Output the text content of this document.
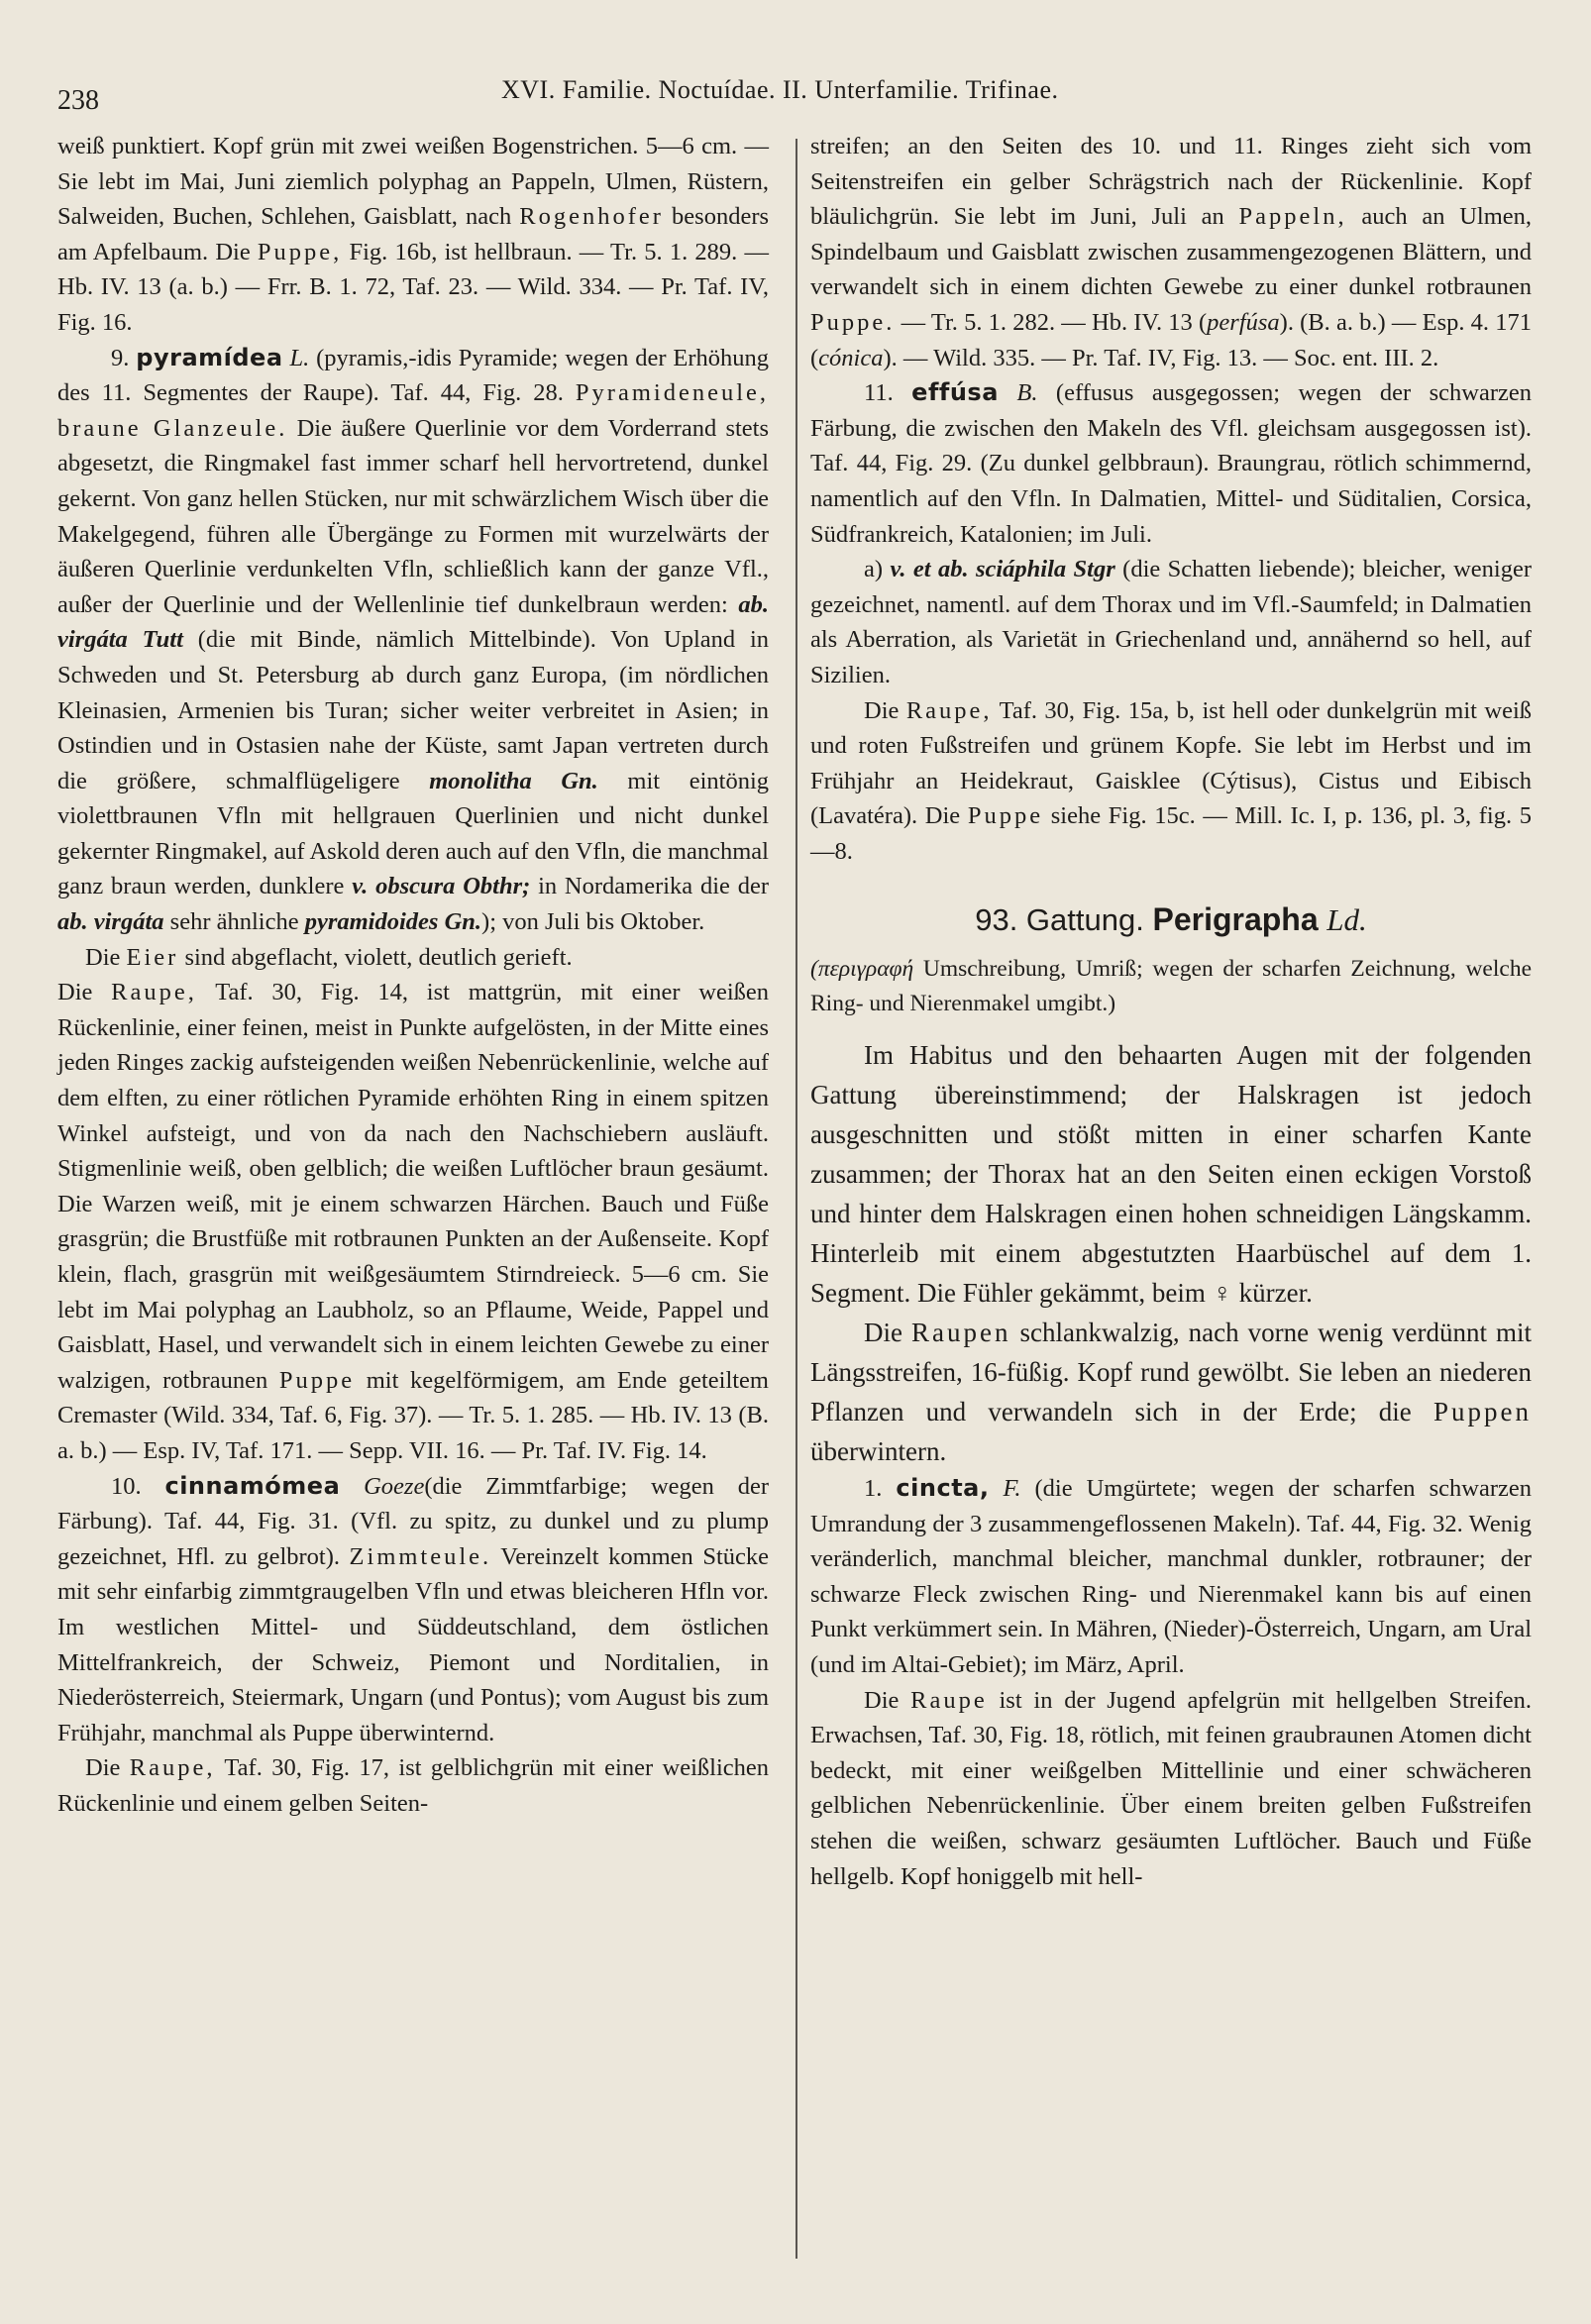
238	XVI. Familie. Noctuídae. II. Unterfamilie. Trifinae.

weiß punktiert. Kopf grün mit zwei weißen Bogenstrichen. 5—6 cm. — Sie lebt im Mai, Juni ziemlich polyphag an Pappeln, Ulmen, Rüstern, Salweiden, Buchen, Schlehen, Gaisblatt, nach Rogenhofer besonders am Apfelbaum. Die Puppe, Fig. 16b, ist hellbraun. — Tr. 5. 1. 289. — Hb. IV. 13 (a. b.) — Frr. B. 1. 72, Taf. 23. — Wild. 334. — Pr. Taf. IV, Fig. 16.

9. pyramídea L. (pyramis,-idis Pyramide; wegen der Erhöhung des 11. Segmentes der Raupe). Taf. 44, Fig. 28. Pyramideneule, braune Glanzeule. Die äußere Querlinie vor dem Vorderrand stets abgesetzt, die Ringmakel fast immer scharf hell hervortretend, dunkel gekernt. Von ganz hellen Stücken, nur mit schwärzlichem Wisch über die Makelgegend, führen alle Übergänge zu Formen mit wurzelwärts der äußeren Querlinie verdunkelten Vfln, schließlich kann der ganze Vfl., außer der Querlinie und der Wellenlinie tief dunkelbraun werden: ab. virgáta Tutt (die mit Binde, nämlich Mittelbinde). Von Upland in Schweden und St. Petersburg ab durch ganz Europa, (im nördlichen Kleinasien, Armenien bis Turan; sicher weiter verbreitet in Asien; in Ostindien und in Ostasien nahe der Küste, samt Japan vertreten durch die größere, schmalflügeligere monolitha Gn. mit eintönig violettbraunen Vfln mit hellgrauen Querlinien und nicht dunkel gekernter Ringmakel, auf Askold deren auch auf den Vfln, die manchmal ganz braun werden, dunklere v. obscura Obthr; in Nordamerika die der ab. virgáta sehr ähnliche pyramidoides Gn.); von Juli bis Oktober.

Die Eier sind abgeflacht, violett, deutlich gerieft.

Die Raupe, Taf. 30, Fig. 14, ist mattgrün, mit einer weißen Rückenlinie, einer feinen, meist in Punkte aufgelösten, in der Mitte eines jeden Ringes zackig aufsteigenden weißen Nebenrückenlinie, welche auf dem elften, zu einer rötlichen Pyramide erhöhten Ring in einem spitzen Winkel aufsteigt, und von da nach den Nachschiebern ausläuft. Stigmenlinie weiß, oben gelblich; die weißen Luftlöcher braun gesäumt. Die Warzen weiß, mit je einem schwarzen Härchen. Bauch und Füße grasgrün; die Brustfüße mit rotbraunen Punkten an der Außenseite. Kopf klein, flach, grasgrün mit weißgesäumtem Stirndreieck. 5—6 cm. Sie lebt im Mai polyphag an Laubholz, so an Pflaume, Weide, Pappel und Gaisblatt, Hasel, und verwandelt sich in einem leichten Gewebe zu einer walzigen, rotbraunen Puppe mit kegelförmigem, am Ende geteiltem Cremaster (Wild. 334, Taf. 6, Fig. 37). — Tr. 5. 1. 285. — Hb. IV. 13 (B. a. b.) — Esp. IV, Taf. 171. — Sepp. VII. 16. — Pr. Taf. IV. Fig. 14.

10. cinnamómea Goeze(die Zimmtfarbige; wegen der Färbung). Taf. 44, Fig. 31. (Vfl. zu spitz, zu dunkel und zu plump gezeichnet, Hfl. zu gelbrot). Zimmteule. Vereinzelt kommen Stücke mit sehr einfarbig zimmtgraugelben Vfln und etwas bleicheren Hfln vor. Im westlichen Mittel- und Süddeutschland, dem östlichen Mittelfrankreich, der Schweiz, Piemont und Norditalien, in Niederösterreich, Steiermark, Ungarn (und Pontus); vom August bis zum Frühjahr, manchmal als Puppe überwinternd.

Die Raupe, Taf. 30, Fig. 17, ist gelblichgrün mit einer weißlichen Rückenlinie und einem gelben Seiten-

streifen; an den Seiten des 10. und 11. Ringes zieht sich vom Seitenstreifen ein gelber Schrägstrich nach der Rückenlinie. Kopf bläulichgrün. Sie lebt im Juni, Juli an Pappeln, auch an Ulmen, Spindelbaum und Gaisblatt zwischen zusammengezogenen Blättern, und verwandelt sich in einem dichten Gewebe zu einer dunkel rotbraunen Puppe. — Tr. 5. 1. 282. — Hb. IV. 13 (perfúsa). (B. a. b.) — Esp. 4. 171 (cónica). — Wild. 335. — Pr. Taf. IV, Fig. 13. — Soc. ent. III. 2.

11. effúsa B. (effusus ausgegossen; wegen der schwarzen Färbung, die zwischen den Makeln des Vfl. gleichsam ausgegossen ist). Taf. 44, Fig. 29. (Zu dunkel gelbbraun). Braungrau, rötlich schimmernd, namentlich auf den Vfln. In Dalmatien, Mittel- und Süditalien, Corsica, Südfrankreich, Katalonien; im Juli.

a) v. et ab. sciáphila Stgr (die Schatten liebende); bleicher, weniger gezeichnet, namentl. auf dem Thorax und im Vfl.-Saumfeld; in Dalmatien als Aberration, als Varietät in Griechenland und, annähernd so hell, auf Sizilien.

Die Raupe, Taf. 30, Fig. 15a, b, ist hell oder dunkelgrün mit weiß und roten Fußstreifen und grünem Kopfe. Sie lebt im Herbst und im Frühjahr an Heidekraut, Gaisklee (Cýtisus), Cistus und Eibisch (Lavatéra). Die Puppe siehe Fig. 15c. — Mill. Ic. I, p. 136, pl. 3, fig. 5—8.

93. Gattung. Perigrapha Ld.

(περιγραφή Umschreibung, Umriß; wegen der scharfen Zeichnung, welche Ring- und Nierenmakel umgibt.)

Im Habitus und den behaarten Augen mit der folgenden Gattung übereinstimmend; der Halskragen ist jedoch ausgeschnitten und stößt mitten in einer scharfen Kante zusammen; der Thorax hat an den Seiten einen eckigen Vorstoß und hinter dem Halskragen einen hohen schneidigen Längskamm. Hinterleib mit einem abgestutzten Haarbüschel auf dem 1. Segment. Die Fühler gekämmt, beim ♀ kürzer.

Die Raupen schlankwalzig, nach vorne wenig verdünnt mit Längsstreifen, 16-füßig. Kopf rund gewölbt. Sie leben an niederen Pflanzen und verwandeln sich in der Erde; die Puppen überwintern.

1. cincta, F. (die Umgürtete; wegen der scharfen schwarzen Umrandung der 3 zusammengeflossenen Makeln). Taf. 44, Fig. 32. Wenig veränderlich, manchmal bleicher, manchmal dunkler, rotbrauner; der schwarze Fleck zwischen Ring- und Nierenmakel kann bis auf einen Punkt verkümmert sein. In Mähren, (Nieder)-Österreich, Ungarn, am Ural (und im Altai-Gebiet); im März, April.

Die Raupe ist in der Jugend apfelgrün mit hellgelben Streifen. Erwachsen, Taf. 30, Fig. 18, rötlich, mit feinen graubraunen Atomen dicht bedeckt, mit einer weißgelben Mittellinie und einer schwächeren gelblichen Nebenrückenlinie. Über einem breiten gelben Fußstreifen stehen die weißen, schwarz gesäumten Luftlöcher. Bauch und Füße hellgelb. Kopf honiggelb mit hell-
